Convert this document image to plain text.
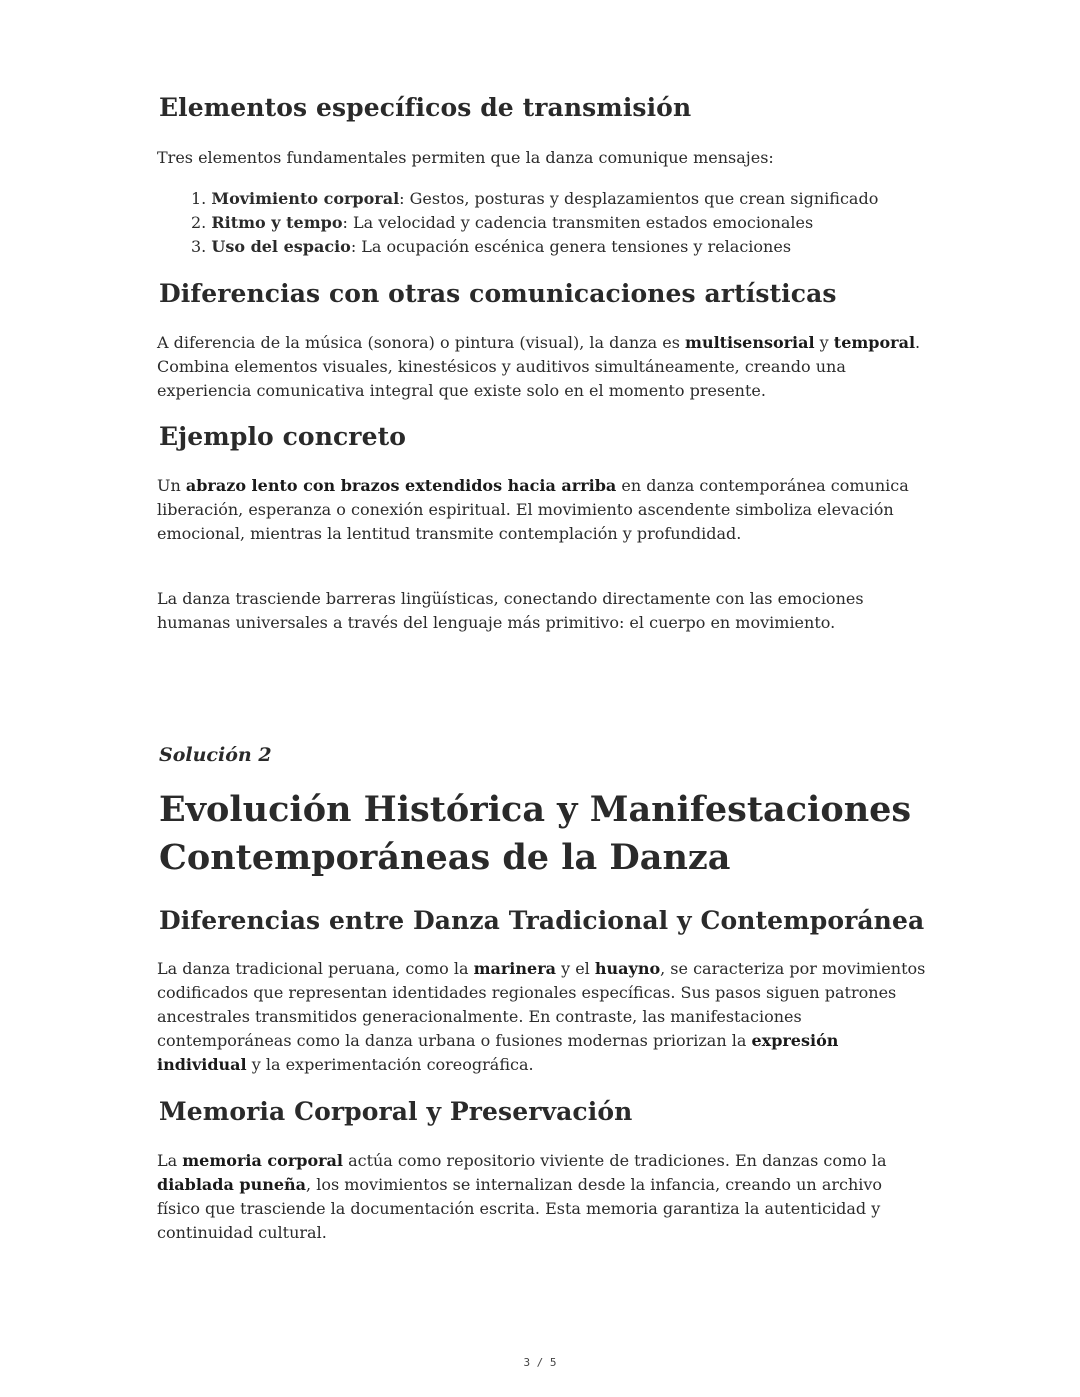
Elementos específicos de transmisión

Tres elementos fundamentales permiten que la danza comunique mensajes:

1. Movimiento corporal: Gestos, posturas y desplazamientos que crean significado
2. Ritmo y tempo: La velocidad y cadencia transmiten estados emocionales
3. Uso del espacio: La ocupación escénica genera tensiones y relaciones
Diferencias con otras comunicaciones artísticas

A diferencia de la música (sonora) o pintura (visual), la danza es multisensorial y temporal. Combina elementos visuales, kinestésicos y auditivos simultáneamente, creando una experiencia comunicativa integral que existe solo en el momento presente.

Ejemplo concreto

Un abrazo lento con brazos extendidos hacia arriba en danza contemporánea comunica liberación, esperanza o conexión espiritual. El movimiento ascendente simboliza elevación emocional, mientras la lentitud transmite contemplación y profundidad.

La danza trasciende barreras lingüísticas, conectando directamente con las emociones humanas universales a través del lenguaje más primitivo: el cuerpo en movimiento.

Solución 2

Evolución Histórica y Manifestaciones
Contemporáneas de la Danza
Diferencias entre Danza Tradicional y Contemporánea

La danza tradicional peruana, como la marinera y el huayno, se caracteriza por movimientos codificados que representan identidades regionales específicas. Sus pasos siguen patrones ancestrales transmitidos generacionalmente. En contraste, las manifestaciones contemporáneas como la danza urbana o fusiones modernas priorizan la expresión individual y la experimentación coreográfica.

Memoria Corporal y Preservación

La memoria corporal actúa como repositorio viviente de tradiciones. En danzas como la diablada puneña, los movimientos se internalizan desde la infancia, creando un archivo físico que trasciende la documentación escrita. Esta memoria garantiza la autenticidad y continuidad cultural.

3 / 5
